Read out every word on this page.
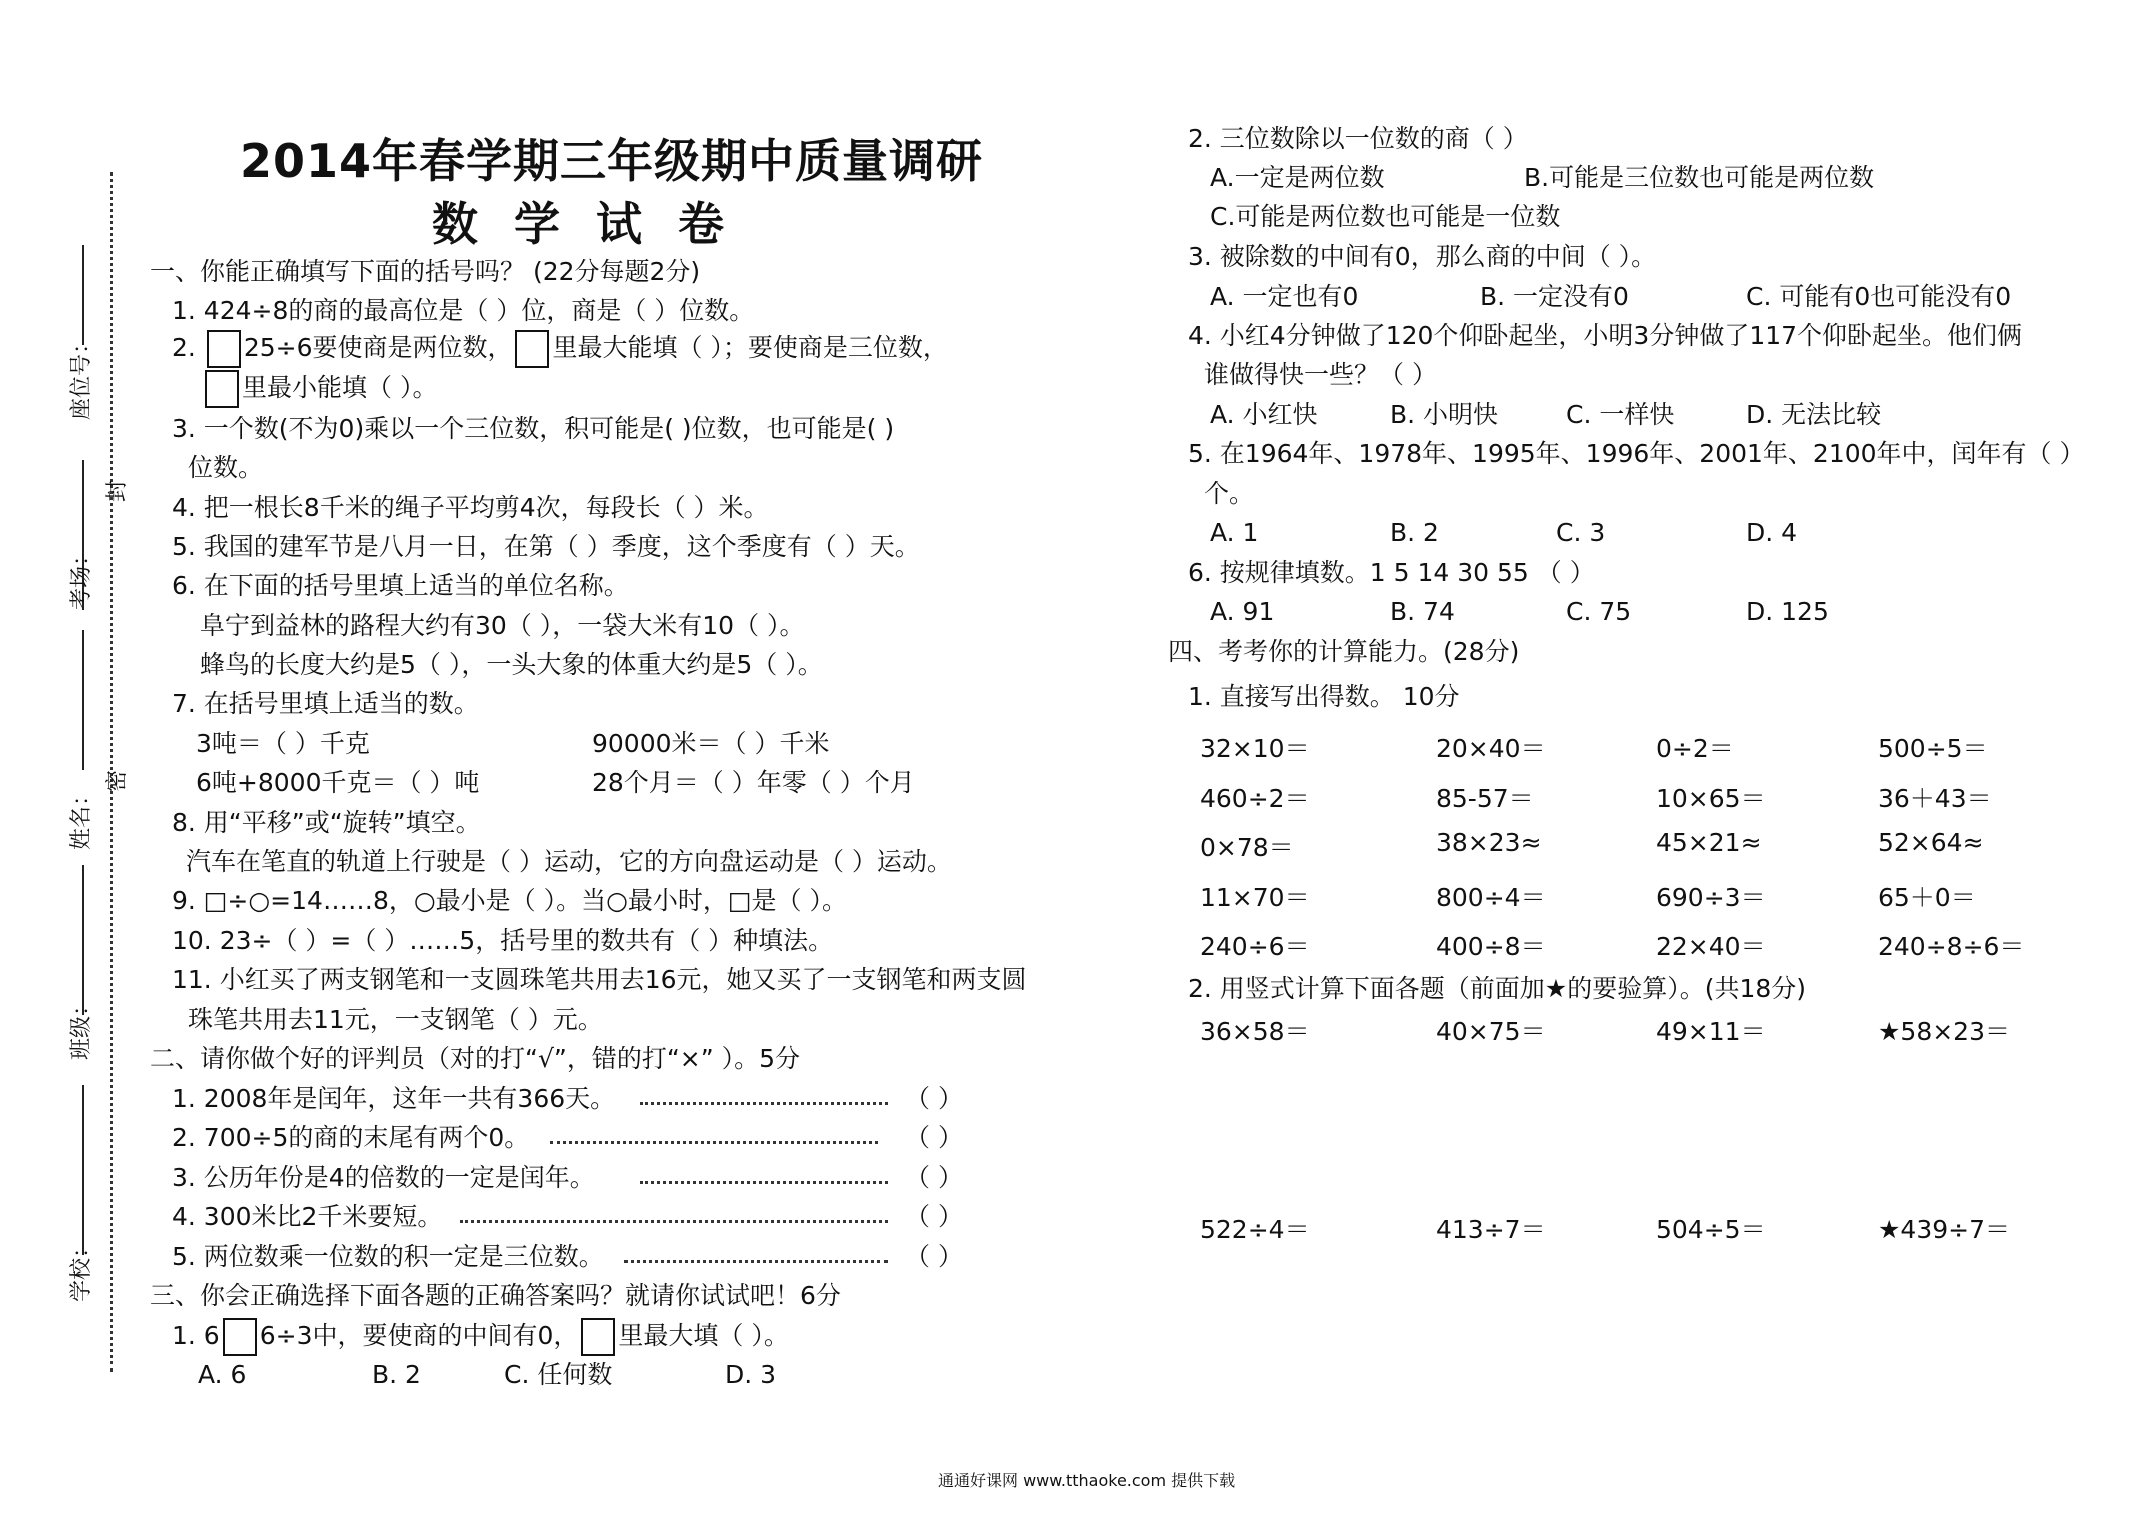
座位号：
考场：
封
姓名：
密
班级：
学校：
2014年春学期三年级期中质量调研
数学试卷
一、你能正确填写下面的括号吗？ (22分每题2分)
1. 424÷8的商的最高位是（ ）位，商是（ ）位数。
2. 25÷6要使商是两位数， 里最大能填（ ）；要使商是三位数，
里最小能填（ ）。
3. 一个数(不为0)乘以一个三位数，积可能是( )位数，也可能是( )
位数。
4. 把一根长8千米的绳子平均剪4次，每段长（ ）米。
5. 我国的建军节是八月一日，在第（ ）季度，这个季度有（ ）天。
6. 在下面的括号里填上适当的单位名称。
阜宁到益林的路程大约有30（ ），一袋大米有10（ ）。
蜂鸟的长度大约是5（ ），一头大象的体重大约是5（ ）。
7. 在括号里填上适当的数。
3吨＝（ ）千克	90000米＝（ ）千米
6吨+8000千克＝（ ）吨	28个月＝（ ）年零（ ）个月
8. 用“平移”或“旋转”填空。
汽车在笔直的轨道上行驶是（ ）运动，它的方向盘运动是（ ）运动。
9. □÷○=14……8，○最小是（ ）。当○最小时，□是（ ）。
10. 23÷（ ）=（ ）……5，括号里的数共有（ ）种填法。
11. 小红买了两支钢笔和一支圆珠笔共用去16元，她又买了一支钢笔和两支圆
珠笔共用去11元，一支钢笔（ ）元。
二、请你做个好的评判员（对的打“√”，错的打“×” ）。5分
1. 2008年是闰年，这年一共有366天。	（ ）
2. 700÷5的商的末尾有两个0。	（ ）
3. 公历年份是4的倍数的一定是闰年。	（ ）
4. 300米比2千米要短。	（ ）
5. 两位数乘一位数的积一定是三位数。	（ ）
三、你会正确选择下面各题的正确答案吗？就请你试试吧！6分
1. 6 6÷3中，要使商的中间有0， 里最大填（ ）。
A. 6	B. 2	C. 任何数	D. 3
2. 三位数除以一位数的商（ ）
A.一定是两位数	B.可能是三位数也可能是两位数
C.可能是两位数也可能是一位数
3. 被除数的中间有0，那么商的中间（ ）。
A. 一定也有0	B. 一定没有0	C. 可能有0也可能没有0
4. 小红4分钟做了120个仰卧起坐，小明3分钟做了117个仰卧起坐。他们俩
谁做得快一些？（ ）
A. 小红快	B. 小明快	C. 一样快	D. 无法比较
5. 在1964年、1978年、1995年、1996年、2001年、2100年中，闰年有（ ）
个。
A. 1	B. 2	C. 3	D. 4
6. 按规律填数。1 5 14 30 55 （ ）
A. 91	B. 74	C. 75	D. 125
四、考考你的计算能力。(28分)
1. 直接写出得数。 10分
32×10＝	20×40＝	0÷2＝	500÷5＝
460÷2＝	85-57＝	10×65＝	36＋43＝
0×78＝	38×23≈	45×21≈	52×64≈
11×70＝	800÷4＝	690÷3＝	65＋0＝
240÷6＝	400÷8＝	22×40＝	240÷8÷6＝
2. 用竖式计算下面各题（前面加★的要验算）。(共18分)
36×58＝	40×75＝	49×11＝	★58×23＝
522÷4＝	413÷7＝	504÷5＝	★439÷7＝
通通好课网 www.tthaoke.com 提供下载
